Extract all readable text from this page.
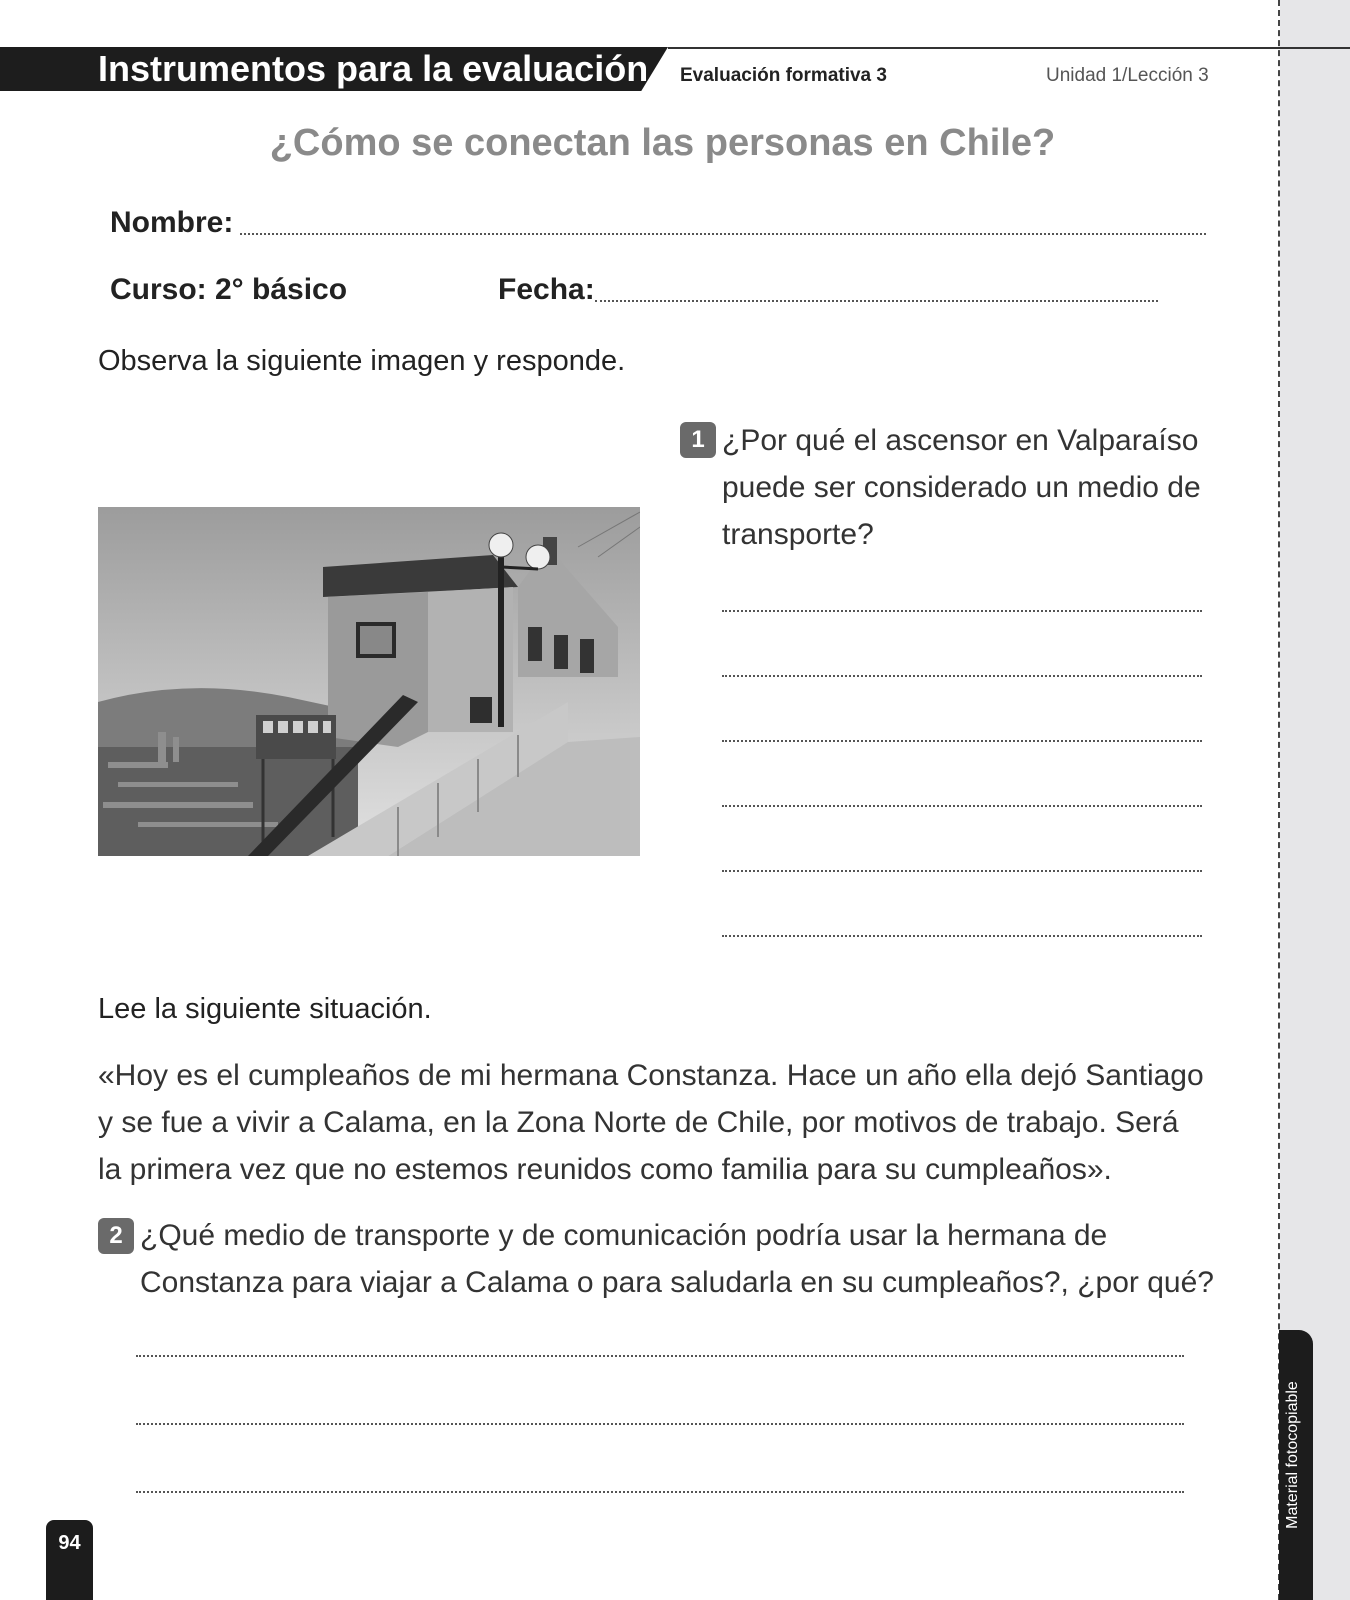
Material fotocopiable
Instrumentos para la evaluación Evaluación formativa 3	Unidad 1/Lección 3
¿Cómo se conectan las personas en Chile?
Nombre:
Curso: 2° básico	Fecha:
Observa la siguiente imagen y responde.
1 ¿Por qué el ascensor en Valparaíso puede ser considerado un medio de transporte?
Lee la siguiente situación.
«Hoy es el cumpleaños de mi hermana Constanza. Hace un año ella dejó Santiago y se fue a vivir a Calama, en la Zona Norte de Chile, por motivos de trabajo. Será la primera vez que no estemos reunidos como familia para su cumpleaños».
2 ¿Qué medio de transporte y de comunicación podría usar la hermana de Constanza para viajar a Calama o para saludarla en su cumpleaños?, ¿por qué?
94
